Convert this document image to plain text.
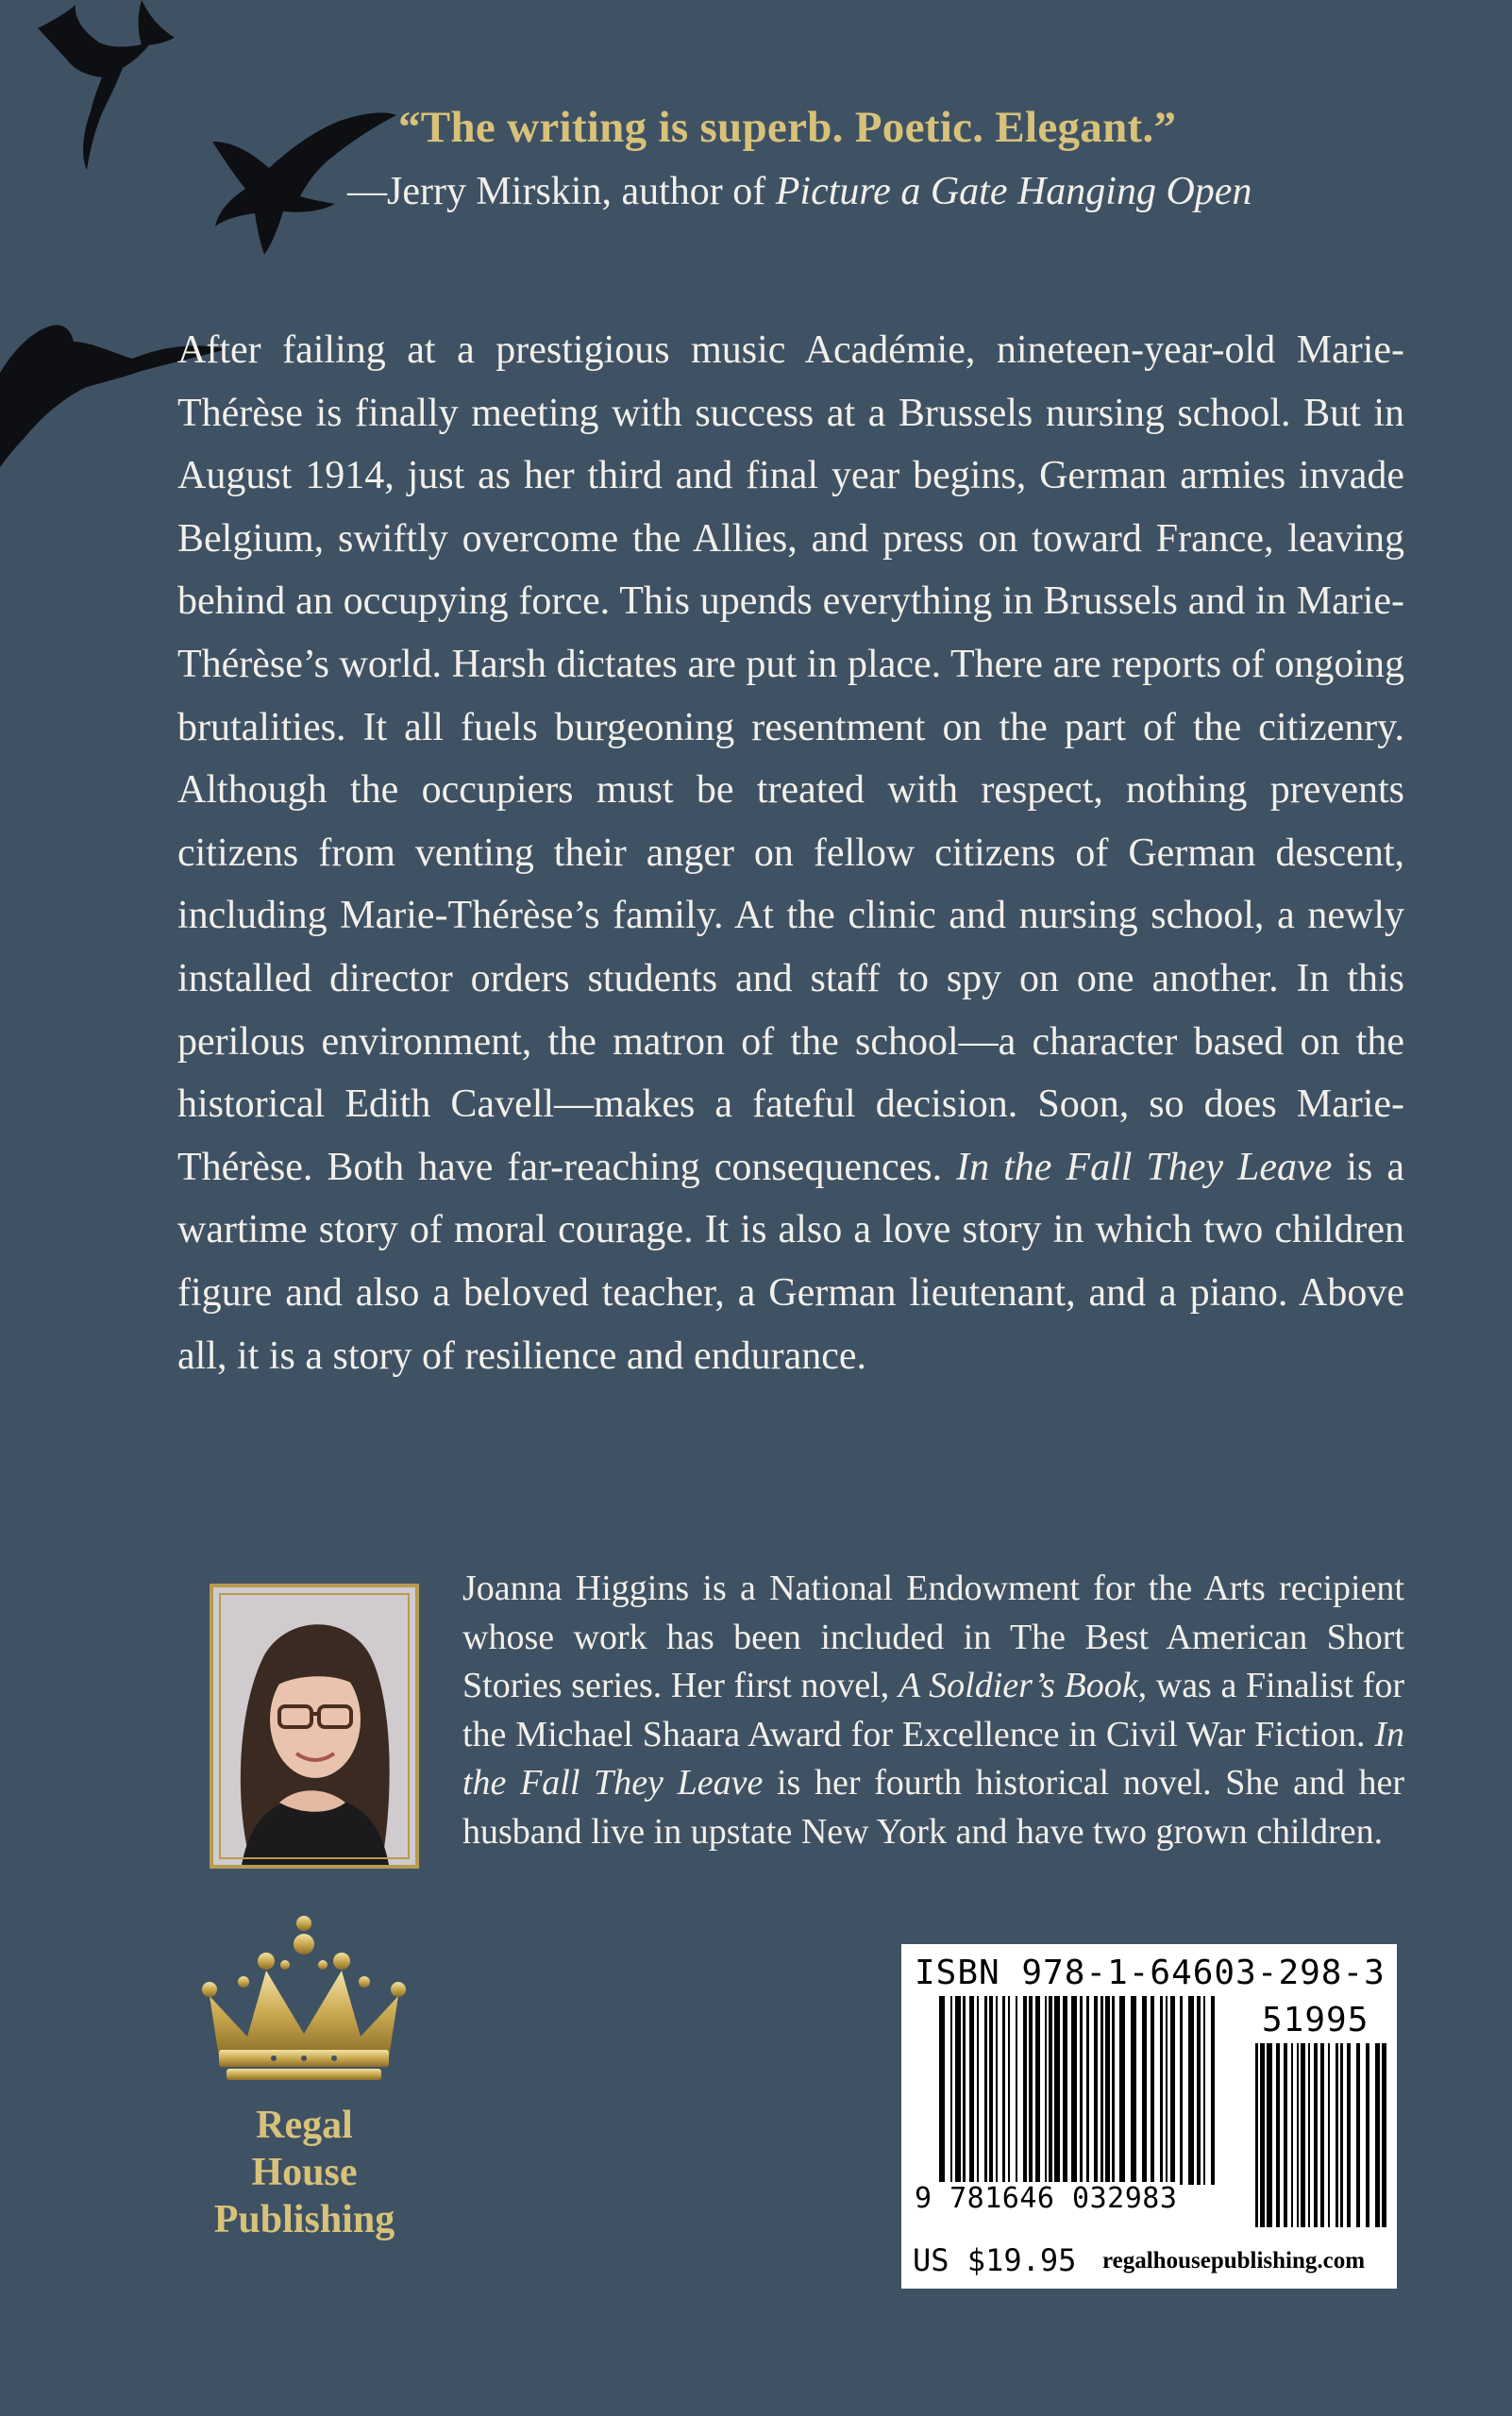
“The writing is superb. Poetic. Elegant.”

—Jerry Mirskin, author of Picture a Gate Hanging Open

After failing at a prestigious music Académie, nineteen-year-old Marie-Thérèse is finally meeting with success at a Brussels nursing school. But in August 1914, just as her third and final year begins, German armies invade Belgium, swiftly overcome the Allies, and press on toward France, leaving behind an occupying force. This upends everything in Brussels and in Marie-Thérèse’s world. Harsh dictates are put in place. There are reports of ongoing brutalities. It all fuels burgeoning resentment on the part of the citizenry. Although the occupiers must be treated with respect, nothing prevents citizens from venting their anger on fellow citizens of German descent, including Marie-Thérèse’s family. At the clinic and nursing school, a newly installed director orders students and staff to spy on one another. In this perilous environment, the matron of the school—a character based on the historical Edith Cavell—makes a fateful decision. Soon, so does Marie-Thérèse. Both have far-reaching consequences. In the Fall They Leave is a wartime story of moral courage. It is also a love story in which two children figure and also a beloved teacher, a German lieutenant, and a piano. Above all, it is a story of resilience and endurance.

Joanna Higgins is a National Endowment for the Arts recipient whose work has been included in The Best American Short Stories series. Her first novel, A Soldier’s Book, was a Finalist for the Michael Shaara Award for Excellence in Civil War Fiction. In the Fall They Leave is her fourth historical novel. She and her husband live in upstate New York and have two grown children.

Regal
House
Publishing
ISBN 978-1-64603-298-3
51995
9 781646 032983
US $19.95 regalhousepublishing.com
